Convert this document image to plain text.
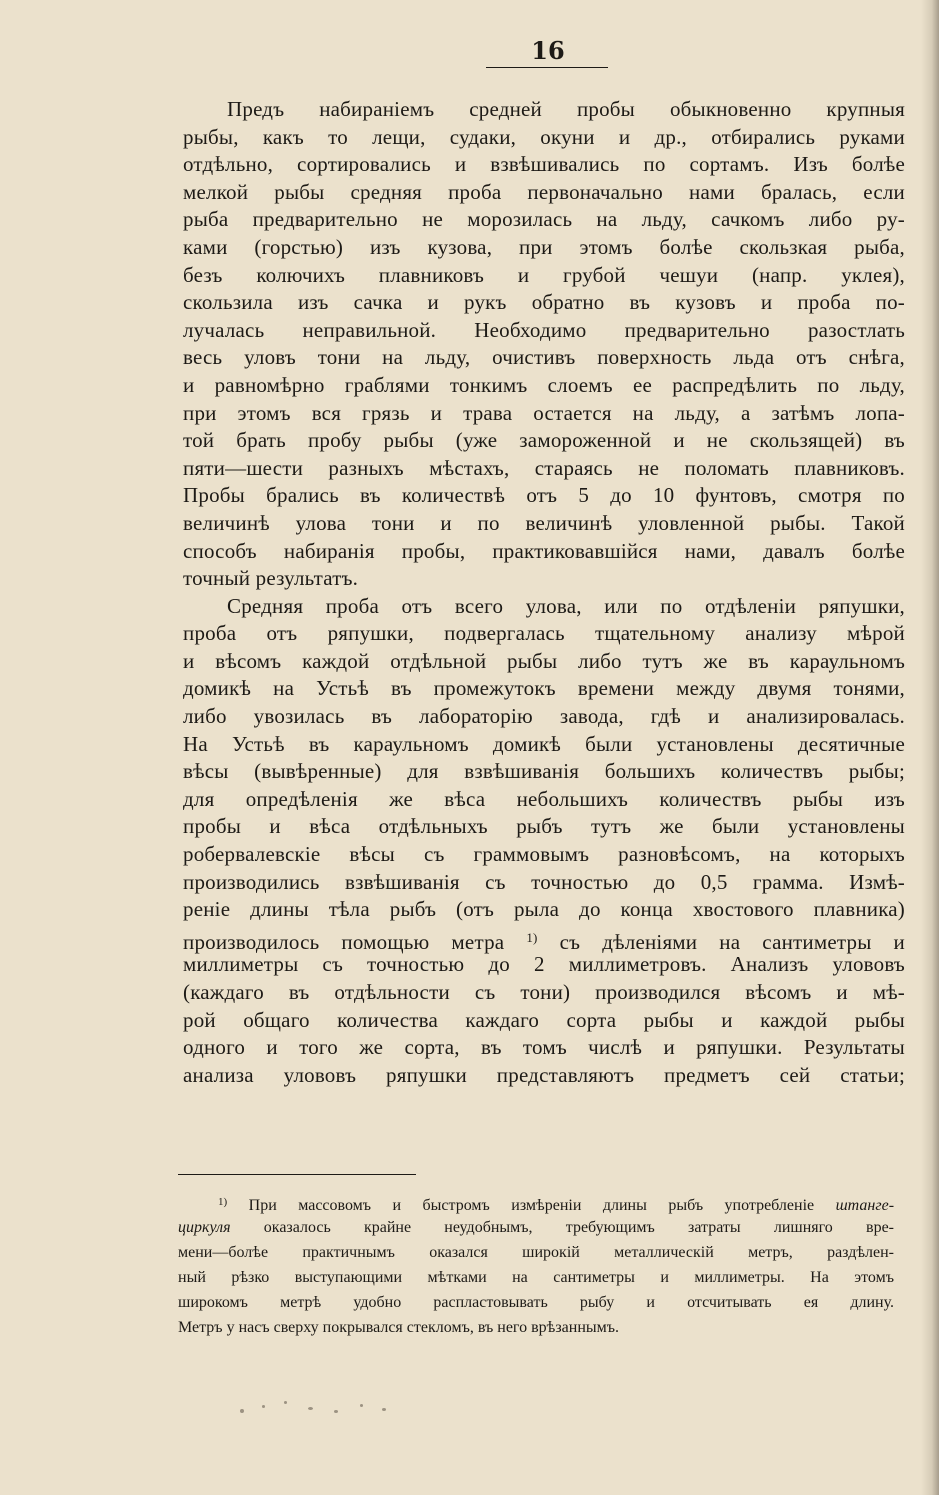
16
Предъ набираніемъ средней пробы обыкновенно крупныя
рыбы, какъ то лещи, судаки, окуни и др., отбирались руками
отдѣльно, сортировались и взвѣшивались по сортамъ. Изъ болѣе
мелкой рыбы средняя проба первоначально нами бралась, если
рыба предварительно не морозилась на льду, сачкомъ либо ру-
ками (горстью) изъ кузова, при этомъ болѣе скользкая рыба,
безъ колючихъ плавниковъ и грубой чешуи (напр. уклея),
скользила изъ сачка и рукъ обратно въ кузовъ и проба по-
лучалась неправильной. Необходимо предварительно разостлать
весь уловъ тони на льду, очистивъ поверхность льда отъ снѣга,
и равномѣрно граблями тонкимъ слоемъ ее распредѣлить по льду,
при этомъ вся грязь и трава остается на льду, а затѣмъ лопа-
той брать пробу рыбы (уже замороженной и не скользящей) въ
пяти—шести разныхъ мѣстахъ, стараясь не поломать плавниковъ.
Пробы брались въ количествѣ отъ 5 до 10 фунтовъ, смотря по
величинѣ улова тони и по величинѣ уловленной рыбы. Такой
способъ набиранія пробы, практиковавшійся нами, давалъ болѣе
точный результатъ.
Средняя проба отъ всего улова, или по отдѣленіи ряпушки,
проба отъ ряпушки, подвергалась тщательному анализу мѣрой
и вѣсомъ каждой отдѣльной рыбы либо тутъ же въ караульномъ
домикѣ на Устьѣ въ промежутокъ времени между двумя тонями,
либо увозилась въ лабораторію завода, гдѣ и анализировалась.
На Устьѣ въ караульномъ домикѣ были установлены десятичные
вѣсы (вывѣренные) для взвѣшиванія большихъ количествъ рыбы;
для опредѣленія же вѣса небольшихъ количествъ рыбы изъ
пробы и вѣса отдѣльныхъ рыбъ тутъ же были установлены
робервалевскіе вѣсы съ граммовымъ разновѣсомъ, на которыхъ
производились взвѣшиванія съ точностью до 0,5 грамма. Измѣ-
реніе длины тѣла рыбъ (отъ рыла до конца хвостового плавника)
производилось помощью метра $^{1)}$ съ дѣленіями на сантиметры и
миллиметры съ точностью до 2 миллиметровъ. Анализъ улововъ
(каждаго въ отдѣльности съ тони) производился вѣсомъ и мѣ-
рой общаго количества каждаго сорта рыбы и каждой рыбы
одного и того же сорта, въ томъ числѣ и ряпушки. Результаты
анализа улововъ ряпушки представляютъ предметъ сей статьи;
$^{1)}$ При массовомъ и быстромъ измѣреніи длины рыбъ употребленіе штанге-
циркуля оказалось крайне неудобнымъ, требующимъ затраты лишняго вре-
мени—болѣе практичнымъ оказался широкій металлическій метръ, раздѣлен-
ный рѣзко выступающими мѣтками на сантиметры и миллиметры. На этомъ
широкомъ метрѣ удобно распластовывать рыбу и отсчитывать ея длину.
Метръ у насъ сверху покрывался стекломъ, въ него врѣзаннымъ.
